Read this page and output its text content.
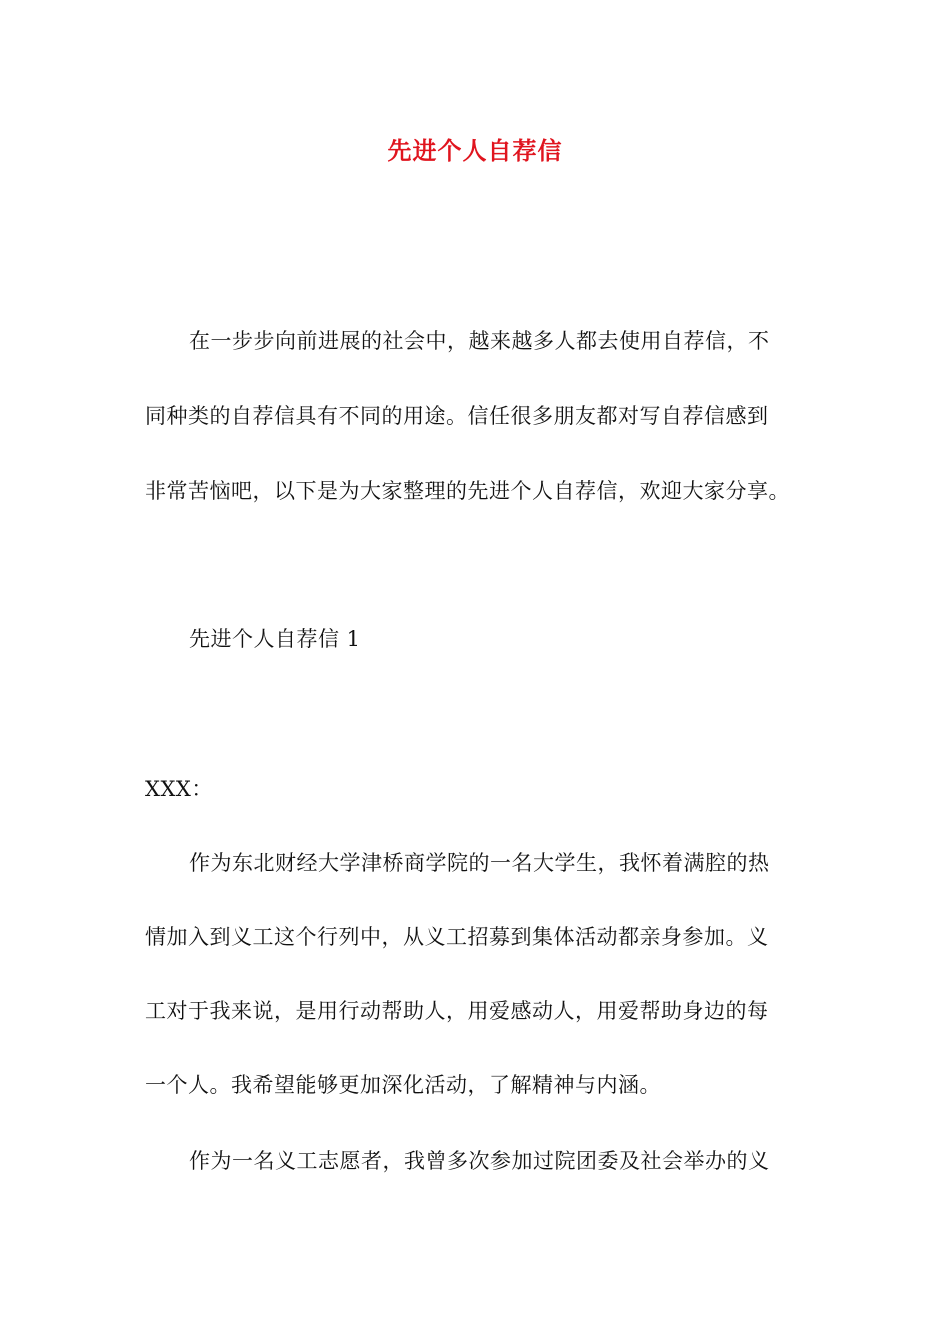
先进个人自荐信
在一步步向前进展的社会中，越来越多人都去使用自荐信，不
同种类的自荐信具有不同的用途。信任很多朋友都对写自荐信感到
非常苦恼吧，以下是为大家整理的先进个人自荐信，欢迎大家分享。
先进个人自荐信 1
XXX：
作为东北财经大学津桥商学院的一名大学生，我怀着满腔的热
情加入到义工这个行列中，从义工招募到集体活动都亲身参加。义
工对于我来说，是用行动帮助人，用爱感动人，用爱帮助身边的每
一个人。我希望能够更加深化活动，了解精神与内涵。
作为一名义工志愿者，我曾多次参加过院团委及社会举办的义
